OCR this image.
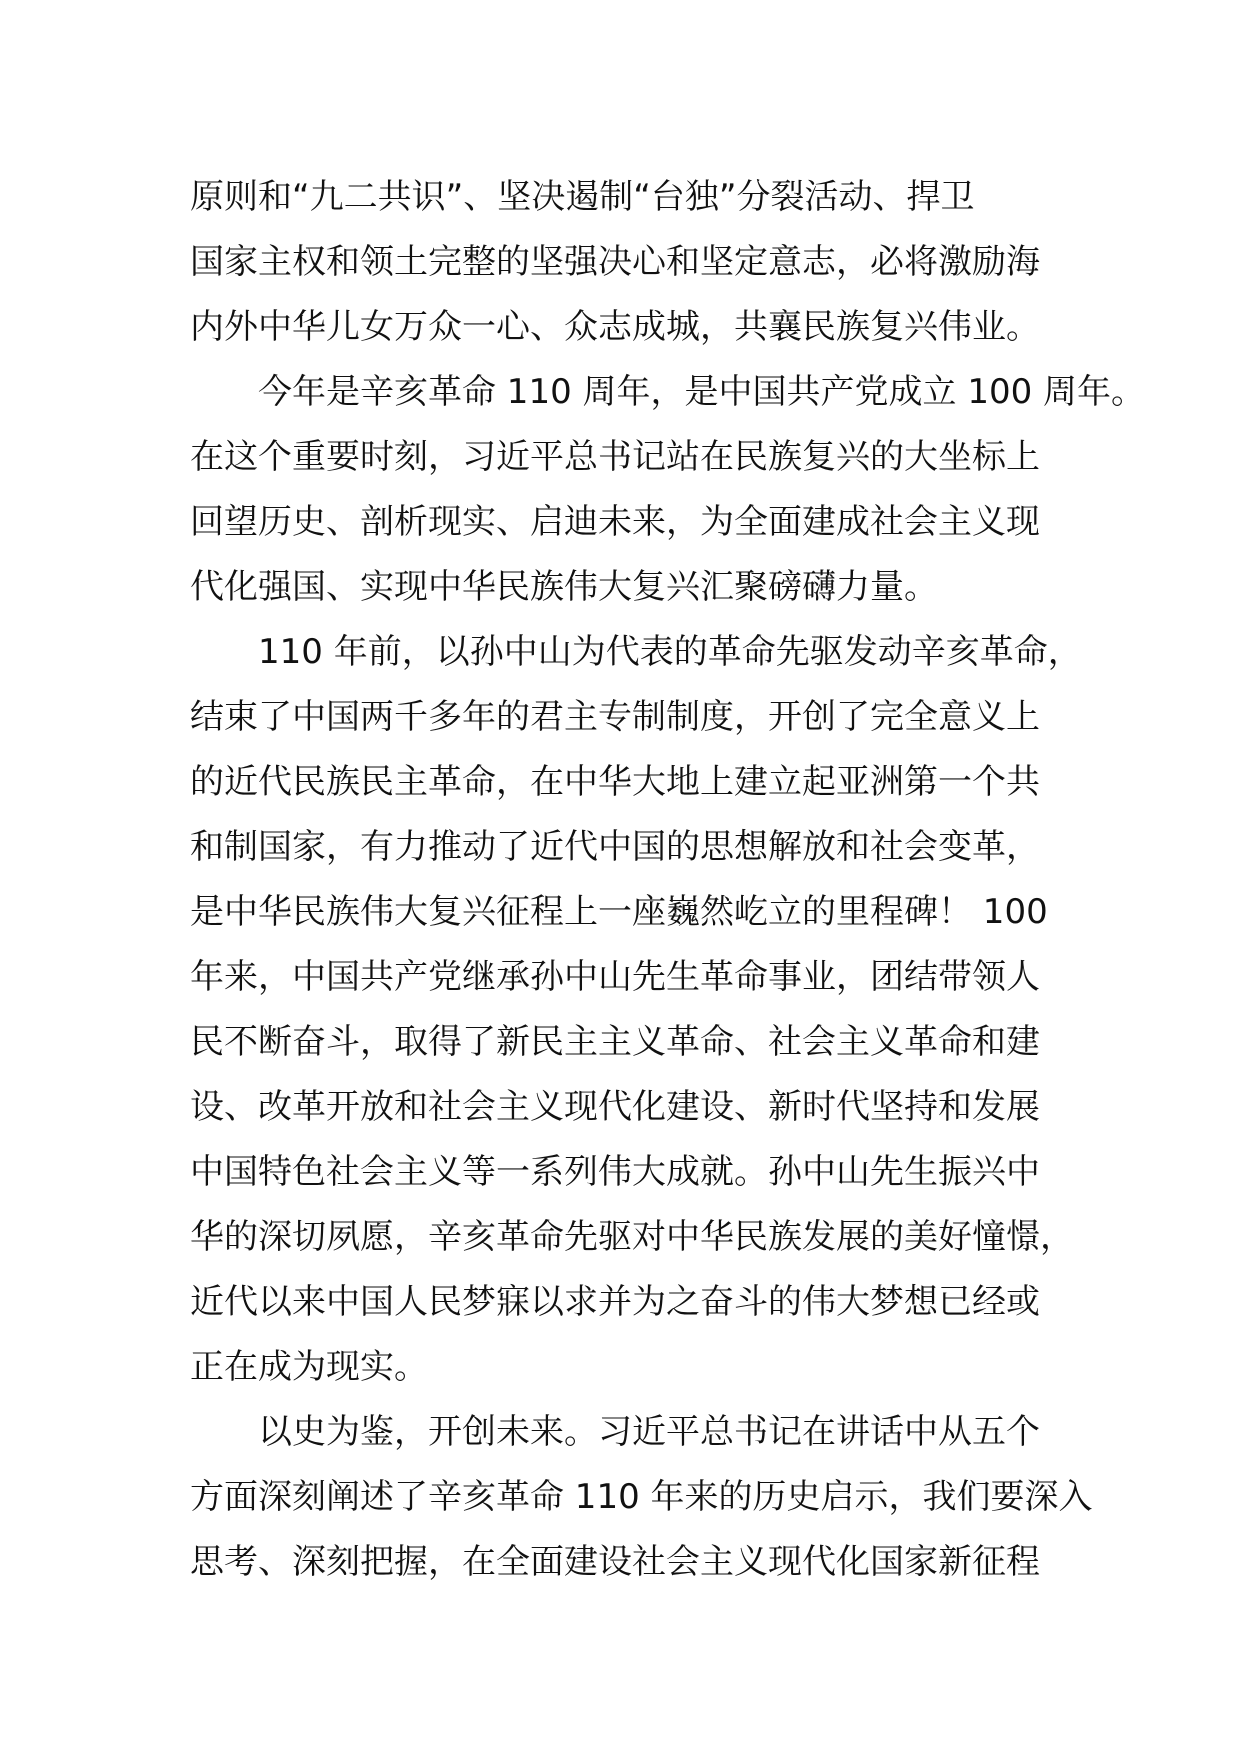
原则和“九二共识”、坚决遏制“台独”分裂活动、捍卫
国家主权和领土完整的坚强决心和坚定意志，必将激励海
内外中华儿女万众一心、众志成城，共襄民族复兴伟业。
今年是辛亥革命 110 周年，是中国共产党成立 100 周年。
在这个重要时刻，习近平总书记站在民族复兴的大坐标上
回望历史、剖析现实、启迪未来，为全面建成社会主义现
代化强国、实现中华民族伟大复兴汇聚磅礴力量。
110 年前，以孙中山为代表的革命先驱发动辛亥革命，
结束了中国两千多年的君主专制制度，开创了完全意义上
的近代民族民主革命，在中华大地上建立起亚洲第一个共
和制国家，有力推动了近代中国的思想解放和社会变革，
是中华民族伟大复兴征程上一座巍然屹立的里程碑！ 100
年来，中国共产党继承孙中山先生革命事业，团结带领人
民不断奋斗，取得了新民主主义革命、社会主义革命和建
设、改革开放和社会主义现代化建设、新时代坚持和发展
中国特色社会主义等一系列伟大成就。孙中山先生振兴中
华的深切夙愿，辛亥革命先驱对中华民族发展的美好憧憬，
近代以来中国人民梦寐以求并为之奋斗的伟大梦想已经或
正在成为现实。
以史为鉴，开创未来。习近平总书记在讲话中从五个
方面深刻阐述了辛亥革命 110 年来的历史启示，我们要深入
思考、深刻把握，在全面建设社会主义现代化国家新征程
